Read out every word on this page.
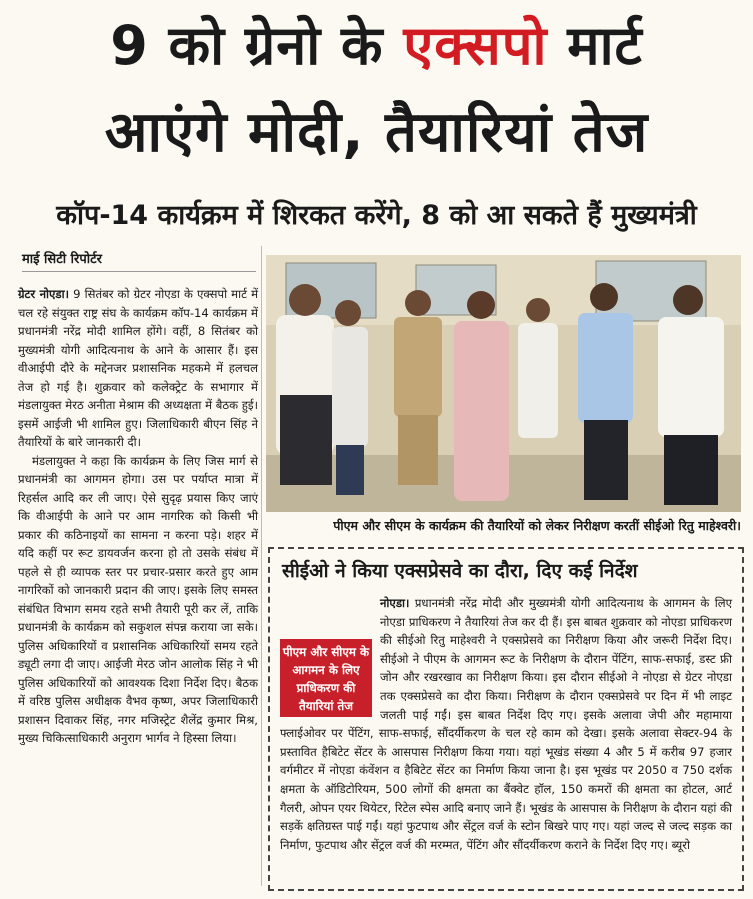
9 को ग्रेनो के एक्सपो मार्ट
आएंगे मोदी, तैयारियां तेज
कॉप-14 कार्यक्रम में शिरकत करेंगे, 8 को आ सकते हैं मुख्यमंत्री
माई सिटी रिपोर्टर

ग्रेटर नोएडा। 9 सितंबर को ग्रेटर नोएडा के एक्सपो मार्ट में चल रहे संयुक्त राष्ट्र संघ के कार्यक्रम कॉप-14 कार्यक्रम में प्रधानमंत्री नरेंद्र मोदी शामिल होंगे। वहीं, 8 सितंबर को मुख्यमंत्री योगी आदित्यनाथ के आने के आसार हैं। इस वीआईपी दौरे के मद्देनजर प्रशासनिक महकमे में हलचल तेज हो गई है। शुक्रवार को कलेक्ट्रेट के सभागार में मंडलायुक्त मेरठ अनीता मेश्राम की अध्यक्षता में बैठक हुई। इसमें आईजी भी शामिल हुए। जिलाधिकारी बीएन सिंह ने तैयारियों के बारे जानकारी दी।

मंडलायुक्त ने कहा कि कार्यक्रम के लिए जिस मार्ग से प्रधानमंत्री का आगमन होगा। उस पर पर्याप्त मात्रा में रिहर्सल आदि कर ली जाए। ऐसे सुदृढ़ प्रयास किए जाएं कि वीआईपी के आने पर आम नागरिक को किसी भी प्रकार की कठिनाइयों का सामना न करना पड़े। शहर में यदि कहीं पर रूट डायवर्जन करना हो तो उसके संबंध में पहले से ही व्यापक स्तर पर प्रचार-प्रसार करते हुए आम नागरिकों को जानकारी प्रदान की जाए। इसके लिए समस्त संबंधित विभाग समय रहते सभी तैयारी पूरी कर लें, ताकि प्रधानमंत्री के कार्यक्रम को सकुशल संपन्न कराया जा सके। पुलिस अधिकारियों व प्रशासनिक अधिकारियों समय रहते ड्यूटी लगा दी जाए। आईजी मेरठ जोन आलोक सिंह ने भी पुलिस अधिकारियों को आवश्यक दिशा निर्देश दिए। बैठक में वरिष्ठ पुलिस अधीक्षक वैभव कृष्ण, अपर जिलाधिकारी प्रशासन दिवाकर सिंह, नगर मजिस्ट्रेट शैलेंद्र कुमार मिश्र, मुख्य चिकित्साधिकारी अनुराग भार्गव ने हिस्सा लिया।

पीएम और सीएम के कार्यक्रम की तैयारियों को लेकर निरीक्षण करतीं सीईओ रितु माहेश्वरी।
सीईओ ने किया एक्सप्रेसवे का दौरा, दिए कई निर्देश
पीएम और सीएम के आगमन के लिए प्राधिकरण की तैयारियां तेज
नोएडा। प्रधानमंत्री नरेंद्र मोदी और मुख्यमंत्री योगी आदित्यनाथ के आगमन के लिए नोएडा प्राधिकरण ने तैयारियां तेज कर दी हैं। इस बाबत शुक्रवार को नोएडा प्राधिकरण की सीईओ रितु माहेश्वरी ने एक्सप्रेसवे का निरीक्षण किया और जरूरी निर्देश दिए। सीईओ ने पीएम के आगमन रूट के निरीक्षण के दौरान पेंटिंग, साफ-सफाई, डस्ट फ्री जोन और रखरखाव का निरीक्षण किया। इस दौरान सीईओ ने नोएडा से ग्रेटर नोएडा तक एक्सप्रेसवे का दौरा किया। निरीक्षण के दौरान एक्सप्रेसवे पर दिन में भी लाइट जलती पाई गईं। इस बाबत निर्देश दिए गए। इसके अलावा जेपी और महामाया फ्लाईओवर पर पेंटिंग, साफ-सफाई, सौंदर्यीकरण के चल रहे काम को देखा। इसके अलावा सेक्टर-94 के प्रस्तावित हैबिटेट सेंटर के आसपास निरीक्षण किया गया। यहां भूखंड संख्या 4 और 5 में करीब 97 हजार वर्गमीटर में नोएडा कंवेंशन व हैबिटेट सेंटर का निर्माण किया जाना है। इस भूखंड पर 2050 व 750 दर्शक क्षमता के ऑडिटोरियम, 500 लोगों की क्षमता का बैंक्वेट हॉल, 150 कमरों की क्षमता का होटल, आर्ट गैलरी, ओपन एयर थियेटर, रिटेल स्पेस आदि बनाए जाने हैं। भूखंड के आसपास के निरीक्षण के दौरान यहां की सड़कें क्षतिग्रस्त पाई गईं। यहां फुटपाथ और सेंट्रल वर्ज के स्टोन बिखरे पाए गए। यहां जल्द से जल्द सड़क का निर्माण, फुटपाथ और सेंट्रल वर्ज की मरम्मत, पेंटिंग और सौंदर्यीकरण कराने के निर्देश दिए गए। ब्यूरो
